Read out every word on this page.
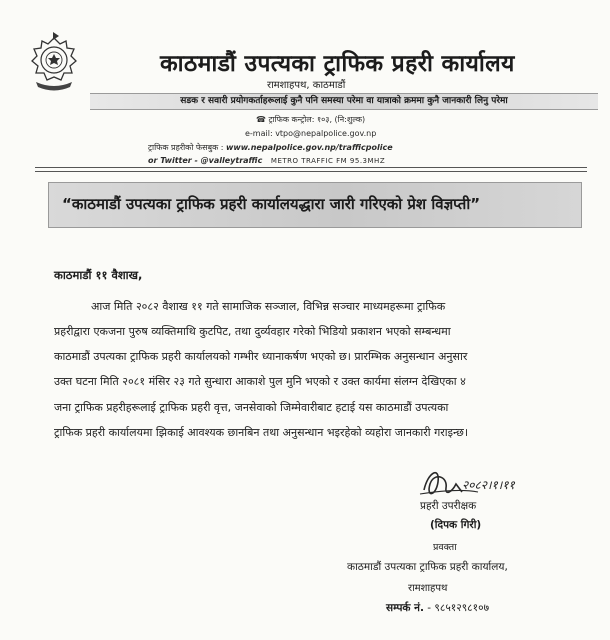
काठमाडौं उपत्यका ट्राफिक प्रहरी कार्यालय
रामशाहपथ, काठमाडौं
सडक र सवारी प्रयोगकर्ताहरूलाई कुनै पनि समस्या परेमा वा यात्राको क्रममा कुनै जानकारी लिनु परेमा
☎ ट्राफिक कन्ट्रोल: १०३, (नि:शुल्क)
e-mail: vtpo@nepalpolice.gov.np
ट्राफिक प्रहरीको फेसबुक : www.nepalpolice.gov.np/trafficpolice
or Twitter - @valleytraffic METRO TRAFFIC FM 95.3MHZ
“काठमाडौं उपत्यका ट्राफिक प्रहरी कार्यालयद्धारा जारी गरिएको प्रेश विज्ञप्ती”
काठमाडौं ११ वैशाख,
आज मिति २०८२ वैशाख ११ गते सामाजिक सञ्जाल, विभिन्न सञ्चार माध्यमहरूमा ट्राफिक
प्रहरीद्वारा एकजना पुरुष व्यक्तिमाथि कुटपिट, तथा दुर्व्यवहार गरेको भिडियो प्रकाशन भएको सम्बन्धमा
काठमाडौं उपत्यका ट्राफिक प्रहरी कार्यालयको गम्भीर ध्यानाकर्षण भएको छ। प्रारम्भिक अनुसन्धान अनुसार
उक्त घटना मिति २०८१ मंसिर २३ गते सुन्धारा आकाशे पुल मुनि भएको र उक्त कार्यमा संलग्न देखिएका ४
जना ट्राफिक प्रहरीहरूलाई ट्राफिक प्रहरी वृत्त, जनसेवाको जिम्मेवारीबाट हटाई यस काठमाडौं उपत्यका
ट्राफिक प्रहरी कार्यालयमा झिकाई आवश्यक छानबिन तथा अनुसन्धान भइरहेको व्यहोरा जानकारी गराइन्छ।
२०८२।१।११
प्रहरी उपरीक्षक
(दिपक गिरी)
प्रवक्ता
काठमाडौं उपत्यका ट्राफिक प्रहरी कार्यालय,
रामशाहपथ
सम्पर्क नं. - ९८५१२९८१०७
